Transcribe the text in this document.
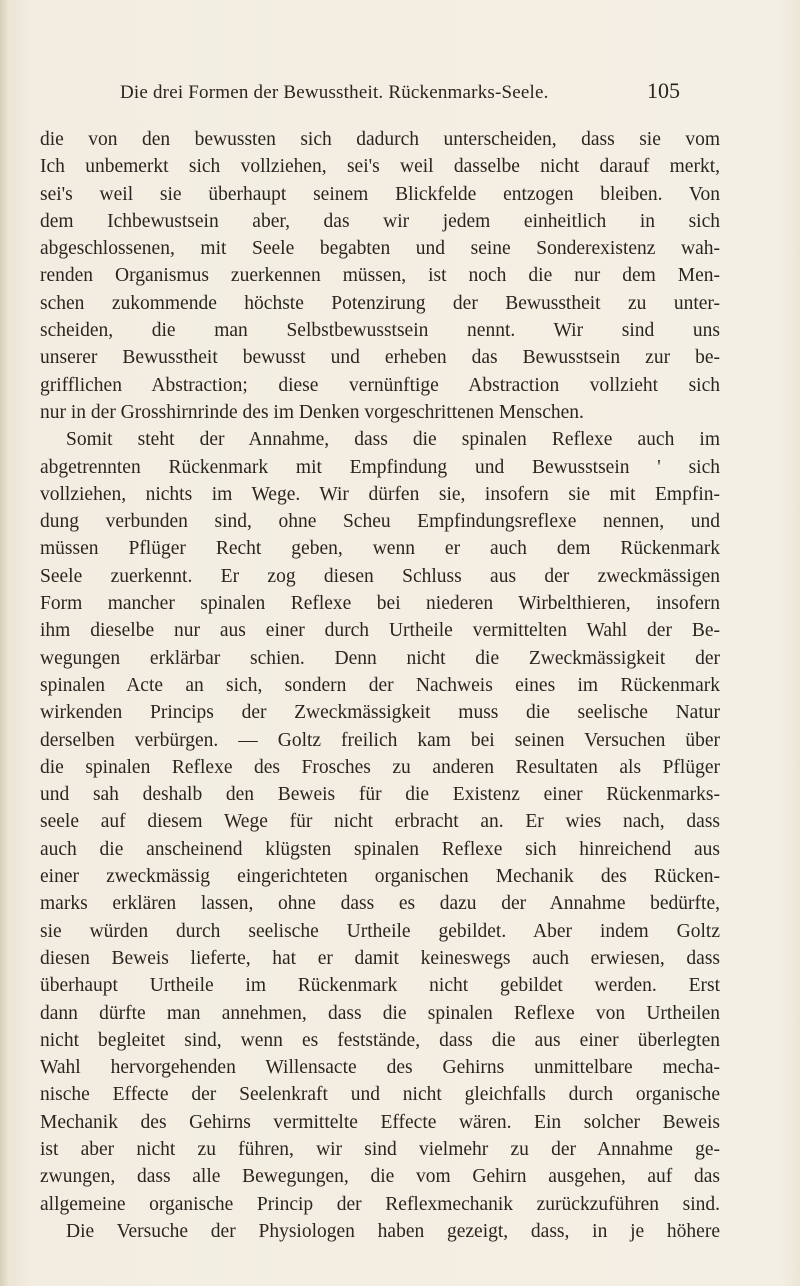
Die drei Formen der Bewusstheit. Rückenmarks-Seele.	105
die von den bewussten sich dadurch unterscheiden, dass sie vom
Ich unbemerkt sich vollziehen, sei's weil dasselbe nicht darauf merkt,
sei's weil sie überhaupt seinem Blickfelde entzogen bleiben. Von
dem Ichbewustsein aber, das wir jedem einheitlich in sich
abgeschlossenen, mit Seele begabten und seine Sonderexistenz wah-
renden Organismus zuerkennen müssen, ist noch die nur dem Men-
schen zukommende höchste Potenzirung der Bewusstheit zu unter-
scheiden, die man Selbstbewusstsein nennt. Wir sind uns
unserer Bewusstheit bewusst und erheben das Bewusstsein zur be-
grifflichen Abstraction; diese vernünftige Abstraction vollzieht sich
nur in der Grosshirnrinde des im Denken vorgeschrittenen Menschen.
Somit steht der Annahme, dass die spinalen Reflexe auch im
abgetrennten Rückenmark mit Empfindung und Bewusstsein ' sich
vollziehen, nichts im Wege. Wir dürfen sie, insofern sie mit Empfin-
dung verbunden sind, ohne Scheu Empfindungsreflexe nennen, und
müssen Pflüger Recht geben, wenn er auch dem Rückenmark
Seele zuerkennt. Er zog diesen Schluss aus der zweckmässigen
Form mancher spinalen Reflexe bei niederen Wirbelthieren, insofern
ihm dieselbe nur aus einer durch Urtheile vermittelten Wahl der Be-
wegungen erklärbar schien. Denn nicht die Zweckmässigkeit der
spinalen Acte an sich, sondern der Nachweis eines im Rückenmark
wirkenden Princips der Zweckmässigkeit muss die seelische Natur
derselben verbürgen. — Goltz freilich kam bei seinen Versuchen über
die spinalen Reflexe des Frosches zu anderen Resultaten als Pflüger
und sah deshalb den Beweis für die Existenz einer Rückenmarks-
seele auf diesem Wege für nicht erbracht an. Er wies nach, dass
auch die anscheinend klügsten spinalen Reflexe sich hinreichend aus
einer zweckmässig eingerichteten organischen Mechanik des Rücken-
marks erklären lassen, ohne dass es dazu der Annahme bedürfte,
sie würden durch seelische Urtheile gebildet. Aber indem Goltz
diesen Beweis lieferte, hat er damit keineswegs auch erwiesen, dass
überhaupt Urtheile im Rückenmark nicht gebildet werden. Erst
dann dürfte man annehmen, dass die spinalen Reflexe von Urtheilen
nicht begleitet sind, wenn es feststände, dass die aus einer überlegten
Wahl hervorgehenden Willensacte des Gehirns unmittelbare mecha-
nische Effecte der Seelenkraft und nicht gleichfalls durch organische
Mechanik des Gehirns vermittelte Effecte wären. Ein solcher Beweis
ist aber nicht zu führen, wir sind vielmehr zu der Annahme ge-
zwungen, dass alle Bewegungen, die vom Gehirn ausgehen, auf das
allgemeine organische Princip der Reflexmechanik zurückzuführen sind.
Die Versuche der Physiologen haben gezeigt, dass, in je höhere
